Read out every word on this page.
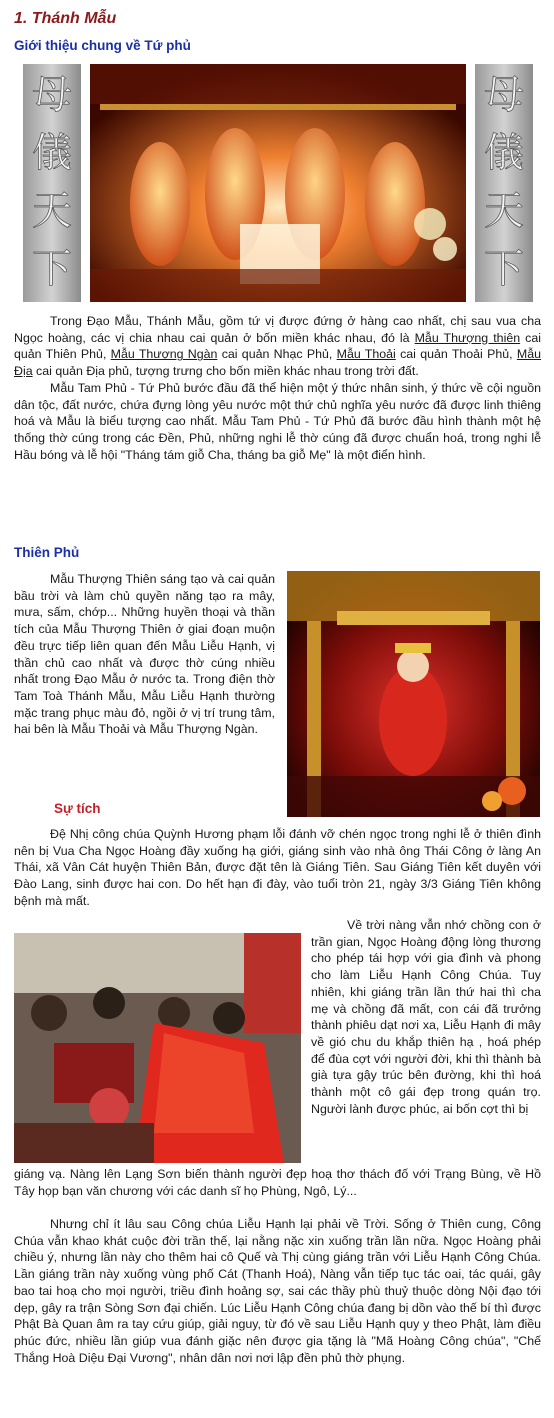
1. Thánh Mẫu
Giới thiệu chung về Tứ phủ
母
儀
天
下
母
儀
天
下

Trong Đạo Mẫu, Thánh Mẫu, gồm tứ vị được đứng ở hàng cao nhất, chị sau vua cha Ngọc hoàng, các vị chia nhau cai quản ở bốn miền khác nhau, đó là Mẫu Thượng thiên cai quản Thiên Phủ, Mẫu Thượng Ngàn cai quản Nhạc Phủ, Mẫu Thoải cai quản Thoải Phủ, Mẫu Địa cai quản Địa phủ, tượng trưng cho bốn miền khác nhau trong trời đất.

Mẫu Tam Phủ - Tứ Phủ bước đầu đã thể hiện một ý thức nhân sinh, ý thức về cội nguồn dân tộc, đất nước, chứa đựng lòng yêu nước một thứ chủ nghĩa yêu nước đã được linh thiêng hoá và Mẫu là biểu tượng cao nhất. Mẫu Tam Phủ - Tứ Phủ đã bước đầu hình thành một hệ thống thờ cúng trong các Đền, Phủ, những nghi lễ thờ cúng đã được chuẩn hoá, trong nghi lễ Hầu bóng và lễ hội "Tháng tám giỗ Cha, tháng ba giỗ Mẹ" là một điển hình.

Thiên Phủ

Mẫu Thượng Thiên sáng tạo và cai quản bầu trời và làm chủ quyền năng tạo ra mây, mưa, sấm, chớp... Những huyền thoại và thần tích của Mẫu Thượng Thiên ở giai đoạn muộn đều trực tiếp liên quan đến Mẫu Liễu Hạnh, vị thần chủ cao nhất và được thờ cúng nhiều nhất trong Đạo Mẫu ở nước ta. Trong điện thờ Tam Toà Thánh Mẫu, Mẫu Liễu Hạnh thường mặc trang phục màu đỏ, ngồi ở vị trí trung tâm, hai bên là Mẫu Thoải và Mẫu Thượng Ngàn.

Sự tích

Đệ Nhị công chúa Quỳnh Hương phạm lỗi đánh vỡ chén ngọc trong nghi lễ ở thiên đình nên bị Vua Cha Ngọc Hoàng đầy xuống hạ giới, giáng sinh vào nhà ông Thái Công ở làng An Thái, xã Vân Cát huyện Thiên Bản, được đặt tên là Giáng Tiên. Sau Giáng Tiên kết duyên với Đào Lang, sinh được hai con. Do hết hạn đi đày, vào tuổi tròn 21, ngày 3/3 Giáng Tiên không bệnh mà mất.

Về trời nàng vẫn nhớ chồng con ở trần gian, Ngọc Hoàng động lòng thương cho phép tái hợp với gia đình và phong cho làm Liễu Hạnh Công Chúa. Tuy nhiên, khi giáng trần lần thứ hai thì cha mẹ và chồng đã mất, con cái đã trưởng thành phiêu dạt nơi xa, Liễu Hạnh đi mây về gió chu du khắp thiên hạ , hoá phép để đùa cợt với người đời, khi thì thành bà già tựa gậy trúc bên đường, khi thì hoá thành một cô gái đẹp trong quán trọ. Người lành được phúc, ai bốn cợt thì bị

giáng vạ. Nàng lên Lạng Sơn biến thành người đẹp hoạ thơ thách đố với Trạng Bùng, về Hồ Tây họp bạn văn chương với các danh sĩ họ Phùng, Ngô, Lý...

Nhưng chỉ ít lâu sau Công chúa Liễu Hạnh lại phải về Trời. Sống ở Thiên cung, Công Chúa vẫn khao khát cuộc đời trần thế, lại nằng nặc xin xuống trần lần nữa. Ngọc Hoàng phải chiều ý, nhưng lần này cho thêm hai cô Quế và Thị cùng giáng trần với Liễu Hạnh Công Chúa. Lần giáng trần này xuống vùng phố Cát (Thanh Hoá), Nàng vẫn tiếp tục tác oai, tác quái, gây bao tai hoạ cho mọi người, triều đình hoảng sợ, sai các thầy phù thuỷ thuộc dòng Nội đạo tới dẹp, gây ra trận Sòng Sơn đại chiến. Lúc Liễu Hạnh Công chúa đang bị dồn vào thế bí thì được Phật Bà Quan âm ra tay cứu giúp, giải nguy, từ đó về sau Liễu Hạnh quy y theo Phật, làm điều phúc đức, nhiều lần giúp vua đánh giặc nên được gia tặng là "Mã Hoàng Công chúa", "Chế Thắng Hoà Diệu Đại Vương", nhân dân nơi nơi lập đền phủ thờ phụng.
